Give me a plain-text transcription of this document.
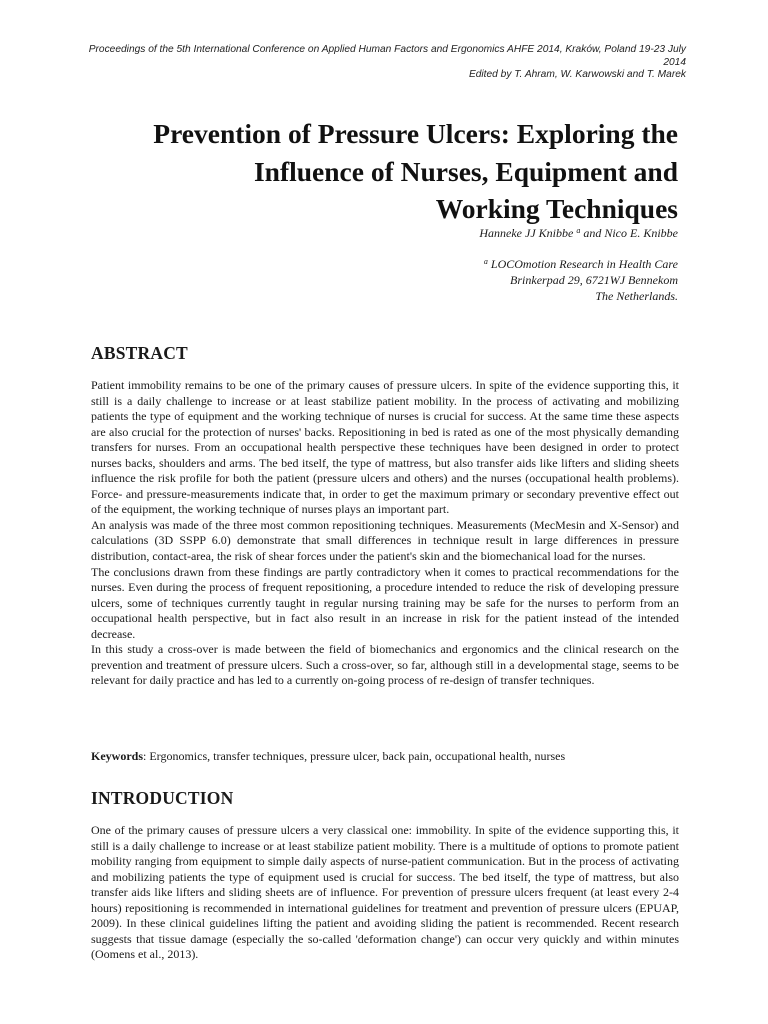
Proceedings of the 5th International Conference on Applied Human Factors and Ergonomics AHFE 2014, Kraków, Poland 19-23 July
2014
Edited by T. Ahram, W. Karwowski and T. Marek
Prevention of Pressure Ulcers: Exploring the
Influence of Nurses, Equipment and
Working Techniques
Hanneke JJ Knibbe $^a$ and Nico E. Knibbe
$^a$ LOCOmotion Research in Health Care
Brinkerpad 29, 6721WJ Bennekom
The Netherlands.
ABSTRACT

Patient immobility remains to be one of the primary causes of pressure ulcers. In spite of the evidence supporting this, it still is a daily challenge to increase or at least stabilize patient mobility. In the process of activating and mobilizing patients the type of equipment and the working technique of nurses is crucial for success. At the same time these aspects are also crucial for the protection of nurses' backs. Repositioning in bed is rated as one of the most physically demanding transfers for nurses. From an occupational health perspective these techniques have been designed in order to protect nurses backs, shoulders and arms. The bed itself, the type of mattress, but also transfer aids like lifters and sliding sheets influence the risk profile for both the patient (pressure ulcers and others) and the nurses (occupational health problems). Force- and pressure-measurements indicate that, in order to get the maximum primary or secondary preventive effect out of the equipment, the working technique of nurses plays an important part.

An analysis was made of the three most common repositioning techniques. Measurements (MecMesin and X-Sensor) and calculations (3D SSPP 6.0) demonstrate that small differences in technique result in large differences in pressure distribution, contact-area, the risk of shear forces under the patient's skin and the biomechanical load for the nurses.

The conclusions drawn from these findings are partly contradictory when it comes to practical recommendations for the nurses. Even during the process of frequent repositioning, a procedure intended to reduce the risk of developing pressure ulcers, some of techniques currently taught in regular nursing training may be safe for the nurses to perform from an occupational health perspective, but in fact also result in an increase in risk for the patient instead of the intended decrease.

In this study a cross-over is made between the field of biomechanics and ergonomics and the clinical research on the prevention and treatment of pressure ulcers. Such a cross-over, so far, although still in a developmental stage, seems to be relevant for daily practice and has led to a currently on-going process of re-design of transfer techniques.

Keywords: Ergonomics, transfer techniques, pressure ulcer, back pain, occupational health, nurses
INTRODUCTION

One of the primary causes of pressure ulcers a very classical one: immobility. In spite of the evidence supporting this, it still is a daily challenge to increase or at least stabilize patient mobility. There is a multitude of options to promote patient mobility ranging from equipment to simple daily aspects of nurse-patient communication. But in the process of activating and mobilizing patients the type of equipment used is crucial for success. The bed itself, the type of mattress, but also transfer aids like lifters and sliding sheets are of influence. For prevention of pressure ulcers frequent (at least every 2-4 hours) repositioning is recommended in international guidelines for treatment and prevention of pressure ulcers (EPUAP, 2009). In these clinical guidelines lifting the patient and avoiding sliding the patient is recommended. Recent research suggests that tissue damage (especially the so-called 'deformation change') can occur very quickly and within minutes (Oomens et al., 2013).
